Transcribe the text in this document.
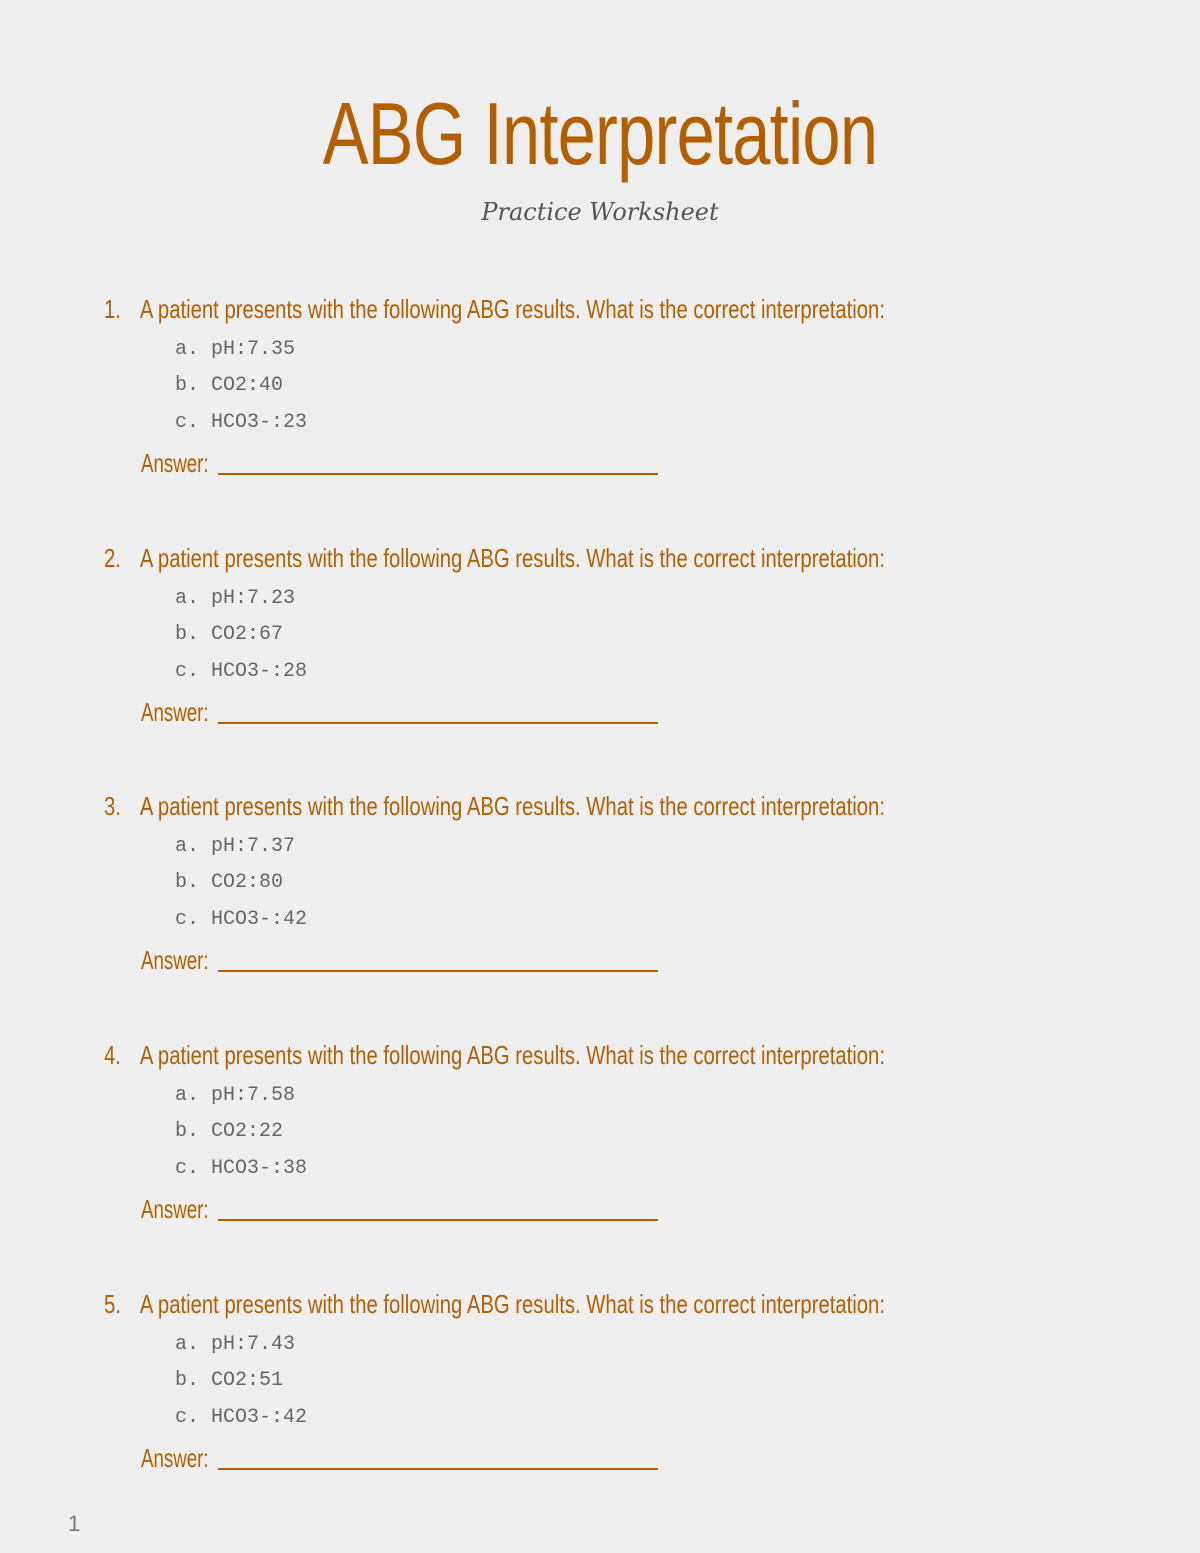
ABG Interpretation
Practice Worksheet
1. A patient presents with the following ABG results. What is the correct interpretation:
a. pH:7.35
b. CO2:40
c. HCO3-:23
Answer:
2. A patient presents with the following ABG results. What is the correct interpretation:
a. pH:7.23
b. CO2:67
c. HCO3-:28
Answer:
3. A patient presents with the following ABG results. What is the correct interpretation:
a. pH:7.37
b. CO2:80
c. HCO3-:42
Answer:
4. A patient presents with the following ABG results. What is the correct interpretation:
a. pH:7.58
b. CO2:22
c. HCO3-:38
Answer:
5. A patient presents with the following ABG results. What is the correct interpretation:
a. pH:7.43
b. CO2:51
c. HCO3-:42
Answer:
1
